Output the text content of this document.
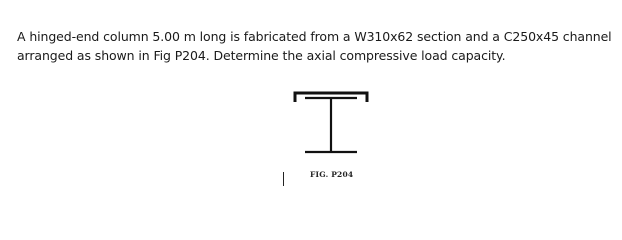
A hinged-end column 5.00 m long is fabricated from a W310x62 section and a C250x45 channel arranged as shown in Fig P204. Determine the axial compressive load capacity.

FIG. P204
